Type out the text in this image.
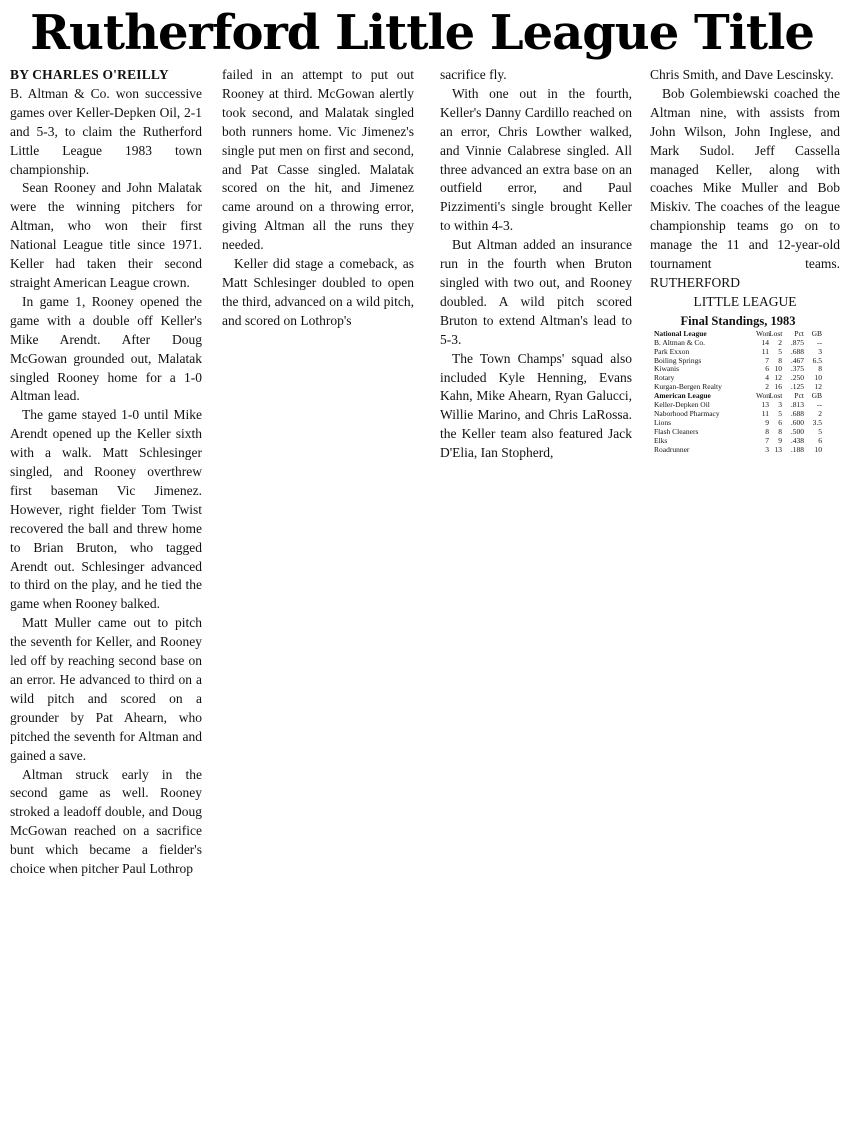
Rutherford Little League Title

BY CHARLES O'REILLY

B. Altman & Co. won successive games over Keller-Depken Oil, 2-1 and 5-3, to claim the Rutherford Little League 1983 town championship.

Sean Rooney and John Malatak were the winning pitchers for Altman, who won their first National League title since 1971. Keller had taken their second straight American League crown.

In game 1, Rooney opened the game with a double off Keller's Mike Arendt. After Doug McGowan grounded out, Malatak singled Rooney home for a 1-0 Altman lead.

The game stayed 1-0 until Mike Arendt opened up the Keller sixth with a walk. Matt Schlesinger singled, and Rooney overthrew first baseman Vic Jimenez. However, right fielder Tom Twist recovered the ball and threw home to Brian Bruton, who tagged Arendt out. Schlesinger advanced to third on the play, and he tied the game when Rooney balked.

Matt Muller came out to pitch the seventh for Keller, and Rooney led off by reaching second base on an error. He advanced to third on a wild pitch and scored on a grounder by Pat Ahearn, who pitched the seventh for Altman and gained a save.

Altman struck early in the second game as well. Rooney stroked a leadoff double, and Doug McGowan reached on a sacrifice bunt which became a fielder's choice when pitcher Paul Lothrop

failed in an attempt to put out Rooney at third. McGowan alertly took second, and Malatak singled both runners home. Vic Jimenez's single put men on first and second, and Pat Casse singled. Malatak scored on the hit, and Jimenez came around on a throwing error, giving Altman all the runs they needed.

Keller did stage a comeback, as Matt Schlesinger doubled to open the third, advanced on a wild pitch, and scored on Lothrop's

sacrifice fly.

With one out in the fourth, Keller's Danny Cardillo reached on an error, Chris Lowther walked, and Vinnie Calabrese singled. All three advanced an extra base on an outfield error, and Paul Pizzimenti's single brought Keller to within 4-3.

But Altman added an insurance run in the fourth when Bruton singled with two out, and Rooney doubled. A wild pitch scored Bruton to extend Altman's lead to 5-3.

The Town Champs' squad also included Kyle Henning, Evans Kahn, Mike Ahearn, Ryan Galucci, Willie Marino, and Chris LaRossa. the Keller team also featured Jack D'Elia, Ian Stopherd,

Chris Smith, and Dave Lescinsky.

Bob Golembiewski coached the Altman nine, with assists from John Wilson, John Inglese, and Mark Sudol. Jeff Cassella managed Keller, along with coaches Mike Muller and Bob Miskiv. The coaches of the league championship teams go on to manage the 11 and 12-year-old tournament teams. RUTHERFORD

LITTLE LEAGUE

Final Standings, 1983
National League	Won Lost	Pct	GB
B. Altman & Co.	14	2	.875	--
Park Exxon	11	5	.688	3
Boiling Springs	7	8	.467	6.5
Kiwanis	6 10	.375	8
Rotary	4 12	.250	10
Kurgan-Bergen Realty	2 16	.125	12
American League	Won Lost	Pct	GB
Keller-Depken Oil	13	3	.813	--
Naborhood Pharmacy	11	5	.688	2
Lions	9	6	.600	3.5
Flash Cleaners	8	8	.500	5
Elks	7	9	.438	6
Roadrunner	3 13	.188	10
